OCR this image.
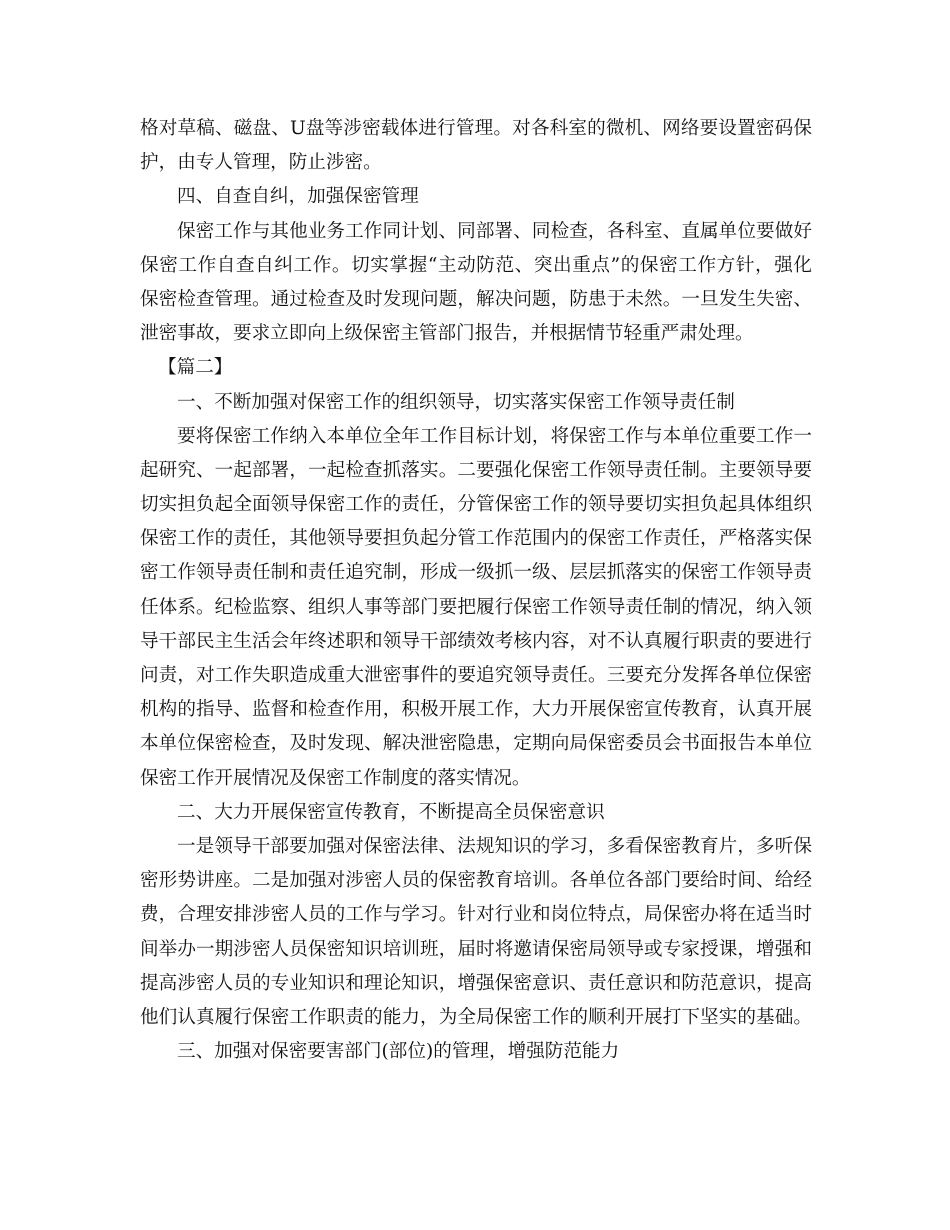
格对草稿、磁盘、U盘等涉密载体进行管理。对各科室的微机、网络要设置密码保
护，由专人管理，防止涉密。
四、自查自纠，加强保密管理
保密工作与其他业务工作同计划、同部署、同检查，各科室、直属单位要做好
保密工作自查自纠工作。切实掌握“主动防范、突出重点”的保密工作方针，强化
保密检查管理。通过检查及时发现问题，解决问题，防患于未然。一旦发生失密、
泄密事故，要求立即向上级保密主管部门报告，并根据情节轻重严肃处理。
【篇二】
一、不断加强对保密工作的组织领导，切实落实保密工作领导责任制
要将保密工作纳入本单位全年工作目标计划，将保密工作与本单位重要工作一
起研究、一起部署，一起检查抓落实。二要强化保密工作领导责任制。主要领导要
切实担负起全面领导保密工作的责任，分管保密工作的领导要切实担负起具体组织
保密工作的责任，其他领导要担负起分管工作范围内的保密工作责任，严格落实保
密工作领导责任制和责任追究制，形成一级抓一级、层层抓落实的保密工作领导责
任体系。纪检监察、组织人事等部门要把履行保密工作领导责任制的情况，纳入领
导干部民主生活会年终述职和领导干部绩效考核内容，对不认真履行职责的要进行
问责，对工作失职造成重大泄密事件的要追究领导责任。三要充分发挥各单位保密
机构的指导、监督和检查作用，积极开展工作，大力开展保密宣传教育，认真开展
本单位保密检查，及时发现、解决泄密隐患，定期向局保密委员会书面报告本单位
保密工作开展情况及保密工作制度的落实情况。
二、大力开展保密宣传教育，不断提高全员保密意识
一是领导干部要加强对保密法律、法规知识的学习，多看保密教育片，多听保
密形势讲座。二是加强对涉密人员的保密教育培训。各单位各部门要给时间、给经
费，合理安排涉密人员的工作与学习。针对行业和岗位特点，局保密办将在适当时
间举办一期涉密人员保密知识培训班，届时将邀请保密局领导或专家授课，增强和
提高涉密人员的专业知识和理论知识，增强保密意识、责任意识和防范意识，提高
他们认真履行保密工作职责的能力，为全局保密工作的顺利开展打下坚实的基础。
三、加强对保密要害部门(部位)的管理，增强防范能力
